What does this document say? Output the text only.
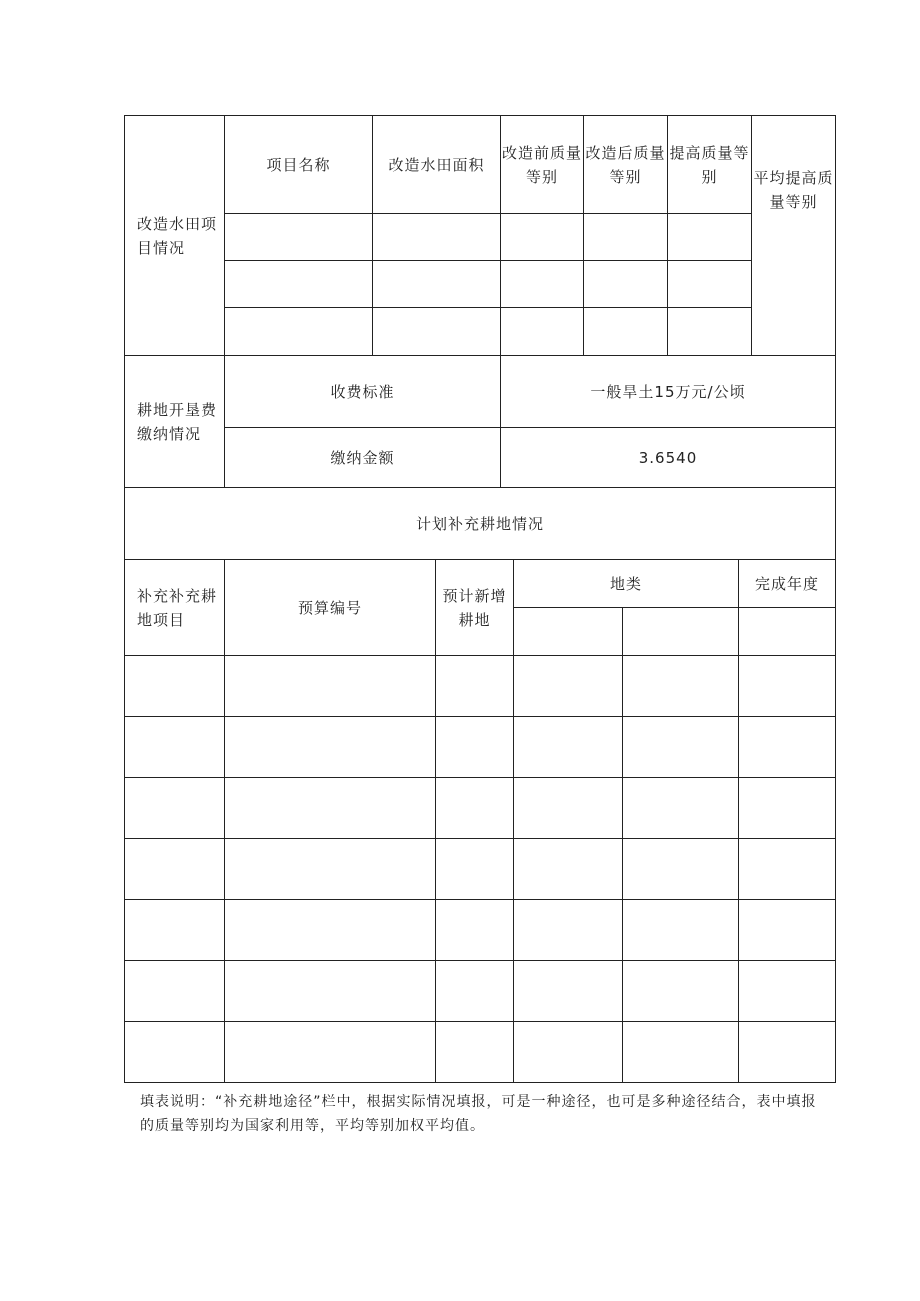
改造水田项目情况	项目名称	改造水田面积	改造前质量等别	改造后质量等别	提高质量等别	平均提高质量等别

耕地开垦费缴纳情况	收费标准		一般旱土15万元/公顷			
	缴纳金额		3.6540			
计划补充耕地情况						
补充补充耕地项目	预算编号	预计新增耕地	地类		完成年度

填表说明：“补充耕地途径”栏中，根据实际情况填报，可是一种途径，也可是多种途径结合，表中填报的质量等别均为国家利用等，平均等别加权平均值。
